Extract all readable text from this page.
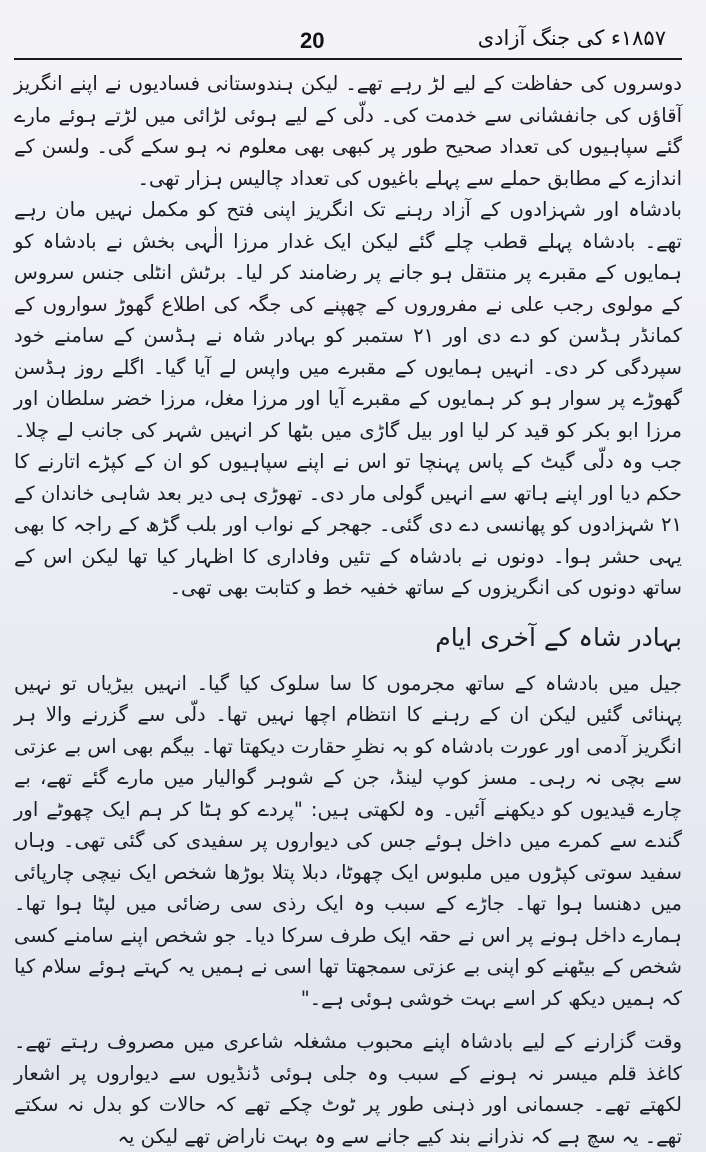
20	۱۸۵۷ء کی جنگ آزادی

دوسروں کی حفاظت کے لیے لڑ رہے تھے۔ لیکن ہندوستانی فسادیوں نے اپنے انگریز آقاؤں کی جانفشانی سے خدمت کی۔ دلّی کے لیے ہوئی لڑائی میں لڑتے ہوئے مارے گئے سپاہیوں کی تعداد صحیح طور پر کبھی بھی معلوم نہ ہو سکے گی۔ ولسن کے اندازے کے مطابق حملے سے پہلے باغیوں کی تعداد چالیس ہزار تھی۔

بادشاہ اور شہزادوں کے آزاد رہنے تک انگریز اپنی فتح کو مکمل نہیں مان رہے تھے۔ بادشاہ پہلے قطب چلے گئے لیکن ایک غدار مرزا الٰہی بخش نے بادشاہ کو ہمایوں کے مقبرے پر منتقل ہو جانے پر رضامند کر لیا۔ برٹش انٹلی جنس سروس کے مولوی رجب علی نے مفروروں کے چھپنے کی جگہ کی اطلاع گھوڑ سواروں کے کمانڈر ہڈسن کو دے دی اور ۲۱ ستمبر کو بہادر شاہ نے ہڈسن کے سامنے خود سپردگی کر دی۔ انہیں ہمایوں کے مقبرے میں واپس لے آیا گیا۔ اگلے روز ہڈسن گھوڑے پر سوار ہو کر ہمایوں کے مقبرے آیا اور مرزا مغل، مرزا خضر سلطان اور مرزا ابو بکر کو قید کر لیا اور بیل گاڑی میں بٹھا کر انہیں شہر کی جانب لے چلا۔ جب وہ دلّی گیٹ کے پاس پہنچا تو اس نے اپنے سپاہیوں کو ان کے کپڑے اتارنے کا حکم دیا اور اپنے ہاتھ سے انہیں گولی مار دی۔ تھوڑی ہی دیر بعد شاہی خاندان کے ۲۱ شہزادوں کو پھانسی دے دی گئی۔ جھجر کے نواب اور بلب گڑھ کے راجہ کا بھی یہی حشر ہوا۔ دونوں نے بادشاہ کے تئیں وفاداری کا اظہار کیا تھا لیکن اس کے ساتھ دونوں کی انگریزوں کے ساتھ خفیہ خط و کتابت بھی تھی۔

بہادر شاہ کے آخری ایام

جیل میں بادشاہ کے ساتھ مجرموں کا سا سلوک کیا گیا۔ انہیں بیڑیاں تو نہیں پہنائی گئیں لیکن ان کے رہنے کا انتظام اچھا نہیں تھا۔ دلّی سے گزرنے والا ہر انگریز آدمی اور عورت بادشاہ کو بہ نظرِ حقارت دیکھتا تھا۔ بیگم بھی اس بے عزتی سے بچی نہ رہی۔ مسز کوپ لینڈ، جن کے شوہر گوالیار میں مارے گئے تھے، بے چارے قیدیوں کو دیکھنے آئیں۔ وہ لکھتی ہیں: "پردے کو ہٹا کر ہم ایک چھوٹے اور گندے سے کمرے میں داخل ہوئے جس کی دیواروں پر سفیدی کی گئی تھی۔ وہاں سفید سوتی کپڑوں میں ملبوس ایک چھوٹا، دبلا پتلا بوڑھا شخص ایک نیچی چارپائی میں دھنسا ہوا تھا۔ جاڑے کے سبب وہ ایک رذی سی رضائی میں لپٹا ہوا تھا۔ ہمارے داخل ہونے پر اس نے حقہ ایک طرف سرکا دیا۔ جو شخص اپنے سامنے کسی شخص کے بیٹھنے کو اپنی بے عزتی سمجھتا تھا اسی نے ہمیں یہ کہتے ہوئے سلام کیا کہ ہمیں دیکھ کر اسے بہت خوشی ہوئی ہے۔"

وقت گزارنے کے لیے بادشاہ اپنے محبوب مشغلہ شاعری میں مصروف رہتے تھے۔ کاغذ قلم میسر نہ ہونے کے سبب وہ جلی ہوئی ڈنڈیوں سے دیواروں پر اشعار لکھتے تھے۔ جسمانی اور ذہنی طور پر ٹوٹ چکے تھے کہ حالات کو بدل نہ سکتے تھے۔ یہ سچ ہے کہ نذرانے بند کیے جانے سے وہ بہت ناراض تھے لیکن یہ
